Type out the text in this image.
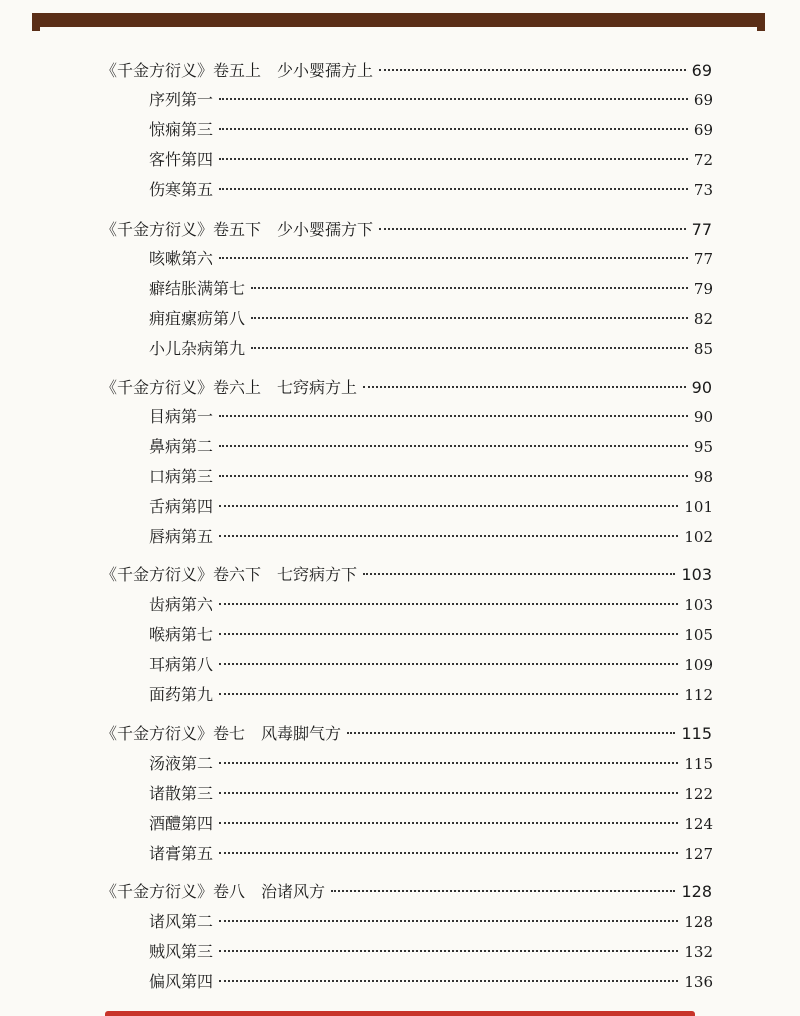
《千金方衍义》卷五上　少小婴孺方上	69
序列第一	69
惊痫第三	69
客忤第四	72
伤寒第五	73
《千金方衍义》卷五下　少小婴孺方下	77
咳嗽第六	77
癖结胀满第七	79
痈疽瘰疬第八	82
小儿杂病第九	85
《千金方衍义》卷六上　七窍病方上	90
目病第一	90
鼻病第二	95
口病第三	98
舌病第四	101
唇病第五	102
《千金方衍义》卷六下　七窍病方下	103
齿病第六	103
喉病第七	105
耳病第八	109
面药第九	112
《千金方衍义》卷七　风毒脚气方	115
汤液第二	115
诸散第三	122
酒醴第四	124
诸膏第五	127
《千金方衍义》卷八　治诸风方	128
诸风第二	128
贼风第三	132
偏风第四	136
